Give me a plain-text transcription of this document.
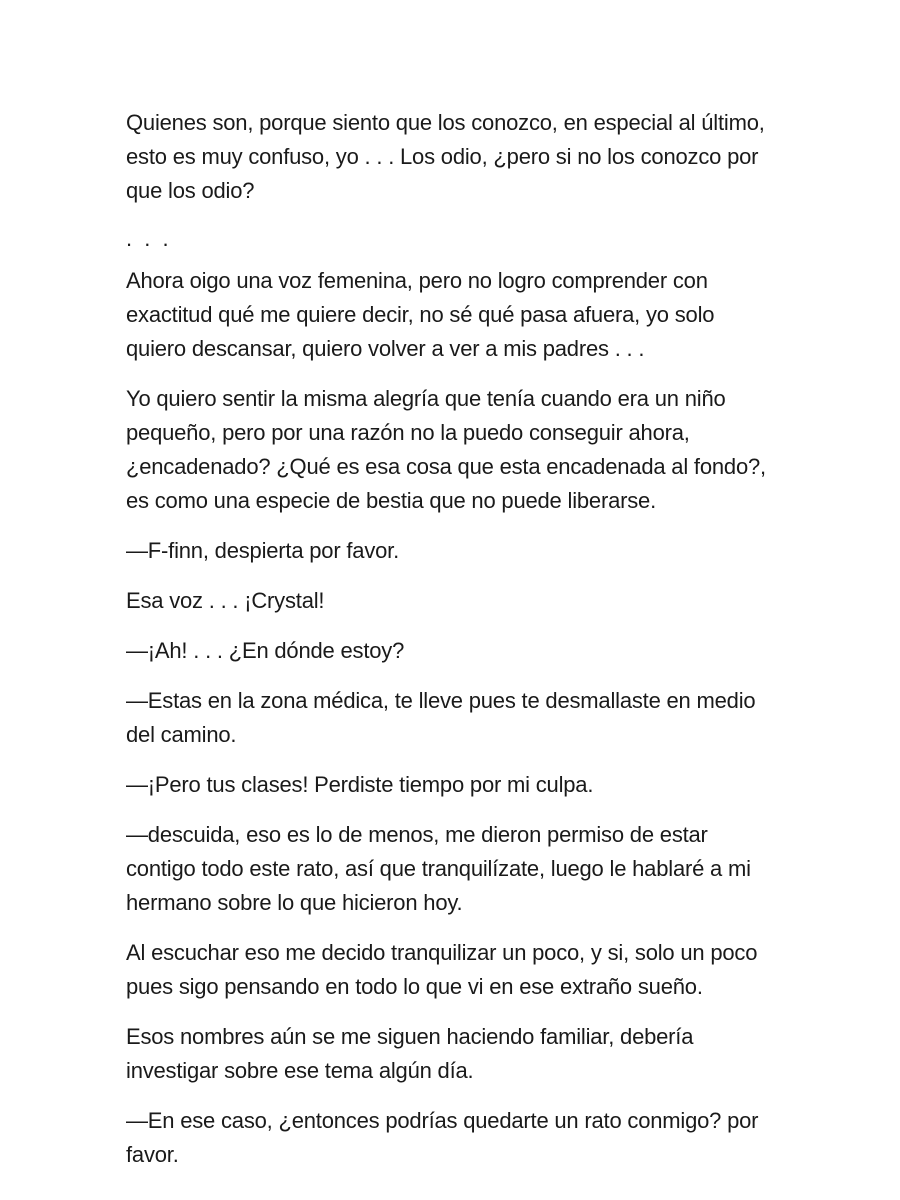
Quienes son, porque siento que los conozco, en especial al último, esto es muy confuso, yo . . . Los odio, ¿pero si no los conozco por que los odio?

. . .

Ahora oigo una voz femenina, pero no logro comprender con exactitud qué me quiere decir, no sé qué pasa afuera, yo solo quiero descansar, quiero volver a ver a mis padres . . .

Yo quiero sentir la misma alegría que tenía cuando era un niño pequeño, pero por una razón no la puedo conseguir ahora, ¿encadenado? ¿Qué es esa cosa que esta encadenada al fondo?, es como una especie de bestia que no puede liberarse.

—F-finn, despierta por favor.

Esa voz . . . ¡Crystal!

—¡Ah! . . . ¿En dónde estoy?

—Estas en la zona médica, te lleve pues te desmallaste en medio del camino.

—¡Pero tus clases! Perdiste tiempo por mi culpa.

—descuida, eso es lo de menos, me dieron permiso de estar contigo todo este rato, así que tranquilízate, luego le hablaré a mi hermano sobre lo que hicieron hoy.

Al escuchar eso me decido tranquilizar un poco, y si, solo un poco pues sigo pensando en todo lo que vi en ese extraño sueño.

Esos nombres aún se me siguen haciendo familiar, debería investigar sobre ese tema algún día.

—En ese caso, ¿entonces podrías quedarte un rato conmigo? por favor.
